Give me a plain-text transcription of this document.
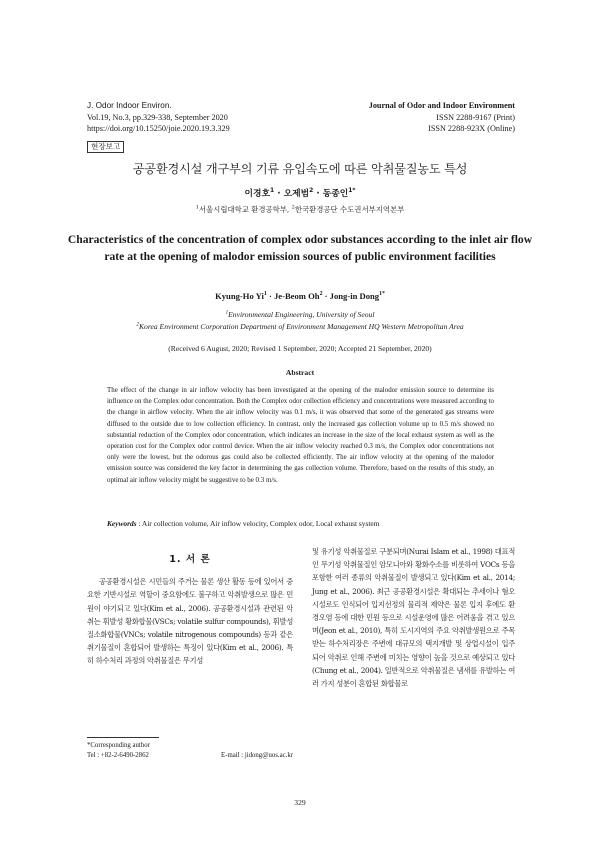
J. Odor Indoor Environ.
Vol.19, No.3, pp.329-338, September 2020
https://doi.org/10.15250/joie.2020.19.3.329
Journal of Odor and Indoor Environment
ISSN 2288-9167 (Print)
ISSN 2288-923X (Online)
현장보고
공공환경시설 개구부의 기류 유입속도에 따른 악취물질농도 특성
이경호$^1$ · 오제범$^2$ · 동종인$^{1*}$
$^1$서울시립대학교 환경공학부, $^2$한국환경공단 수도권서부지역본부
Characteristics of the concentration of complex odor substances according to the inlet air flow rate at the opening of malodor emission sources of public environment facilities
Kyung-Ho $Yi^1$ · Je-Beom $Oh^2$ · Jong-in Dong$^{1*}$
$^1$Environmental Engineering, University of Seoul
$^2$Korea Environment Corporation Department of Environment Management HQ Western Metropolitan Area
(Received 6 August, 2020; Revised 1 September, 2020; Accepted 21 September, 2020)
Abstract
The effect of the change in air inflow velocity has been investigated at the opening of the malodor emission source to determine its influence on the Complex odor concentration. Both the Complex odor collection efficiency and concentrations were measured according to the change in airflow velocity. When the air inflow velocity was 0.1 m/s, it was observed that some of the generated gas streams were diffused to the outside due to low collection efficiency. In contrast, only the increased gas collection volume up to 0.5 m/s showed no substantial reduction of the Complex odor concentration, which indicates an increase in the size of the local exhaust system as well as the operation cost for the Complex odor control device. When the air inflow velocity reached 0.3 m/s, the Complex odor concentrations not only were the lowest, but the odorous gas could also be collected efficiently. The air inflow velocity at the opening of the malodor emission source was considered the key factor in determining the gas collection volume. Therefore, based on the results of this study, an optimal air inflow velocity might be suggestive to be 0.3 m/s.
Keywords : Air collection volume, Air inflow velocity, Complex odor, Local exhaust system
1. 서 론

공공환경시설은 시민들의 주거는 물론 생산 활동 등에 있어서 중요한 기반시설로 역할이 중요함에도 불구하고 악취발생으로 많은 민원이 야기되고 있다(Kim et al., 2006). 공공환경시설과 관련된 악취는 휘발성 황화합물(VSCs; volatile sulfur compounds), 휘발성 질소화합물(VNCs; volatile nitrogenous compounds) 등과 같은 취기물질이 혼합되어 발생하는 특징이 있다(Kim et al., 2006). 특히 하수처리 과정의 악취물질은 무기성

및 유기성 악취물질로 구분되며(Nurai Islam et al., 1998) 대표적인 무기성 악취물질인 암모니아와 황화수소를 비롯하여 VOCs 등을 포함한 여러 종류의 악취물질이 발생되고 있다(Kim et al., 2014; Jung et al., 2006). 최근 공공환경시설은 확대되는 추세이나 혐오시설로도 인식되어 입지선정의 물리적 제약은 물론 입지 후에도 환경오염 등에 대한 민원 등으로 시설운영에 많은 어려움을 겪고 있으며(Jeon et al., 2010), 특히 도시지역의 주요 악취발생원으로 주목 받는 하수처리장은 주변에 대규모의 택지개발 및 상업시설이 입주되어 악취로 인해 주변에 미치는 영향이 높을 것으로 예상되고 있다(Chung et al., 2004). 일반적으로 악취물질은 냄새를 유발하는 여러 가지 성분이 혼합된 화합물로

*Corresponding author
Tel : +82-2-6490-2862	E-mail : jidong@uos.ac.kr
329
